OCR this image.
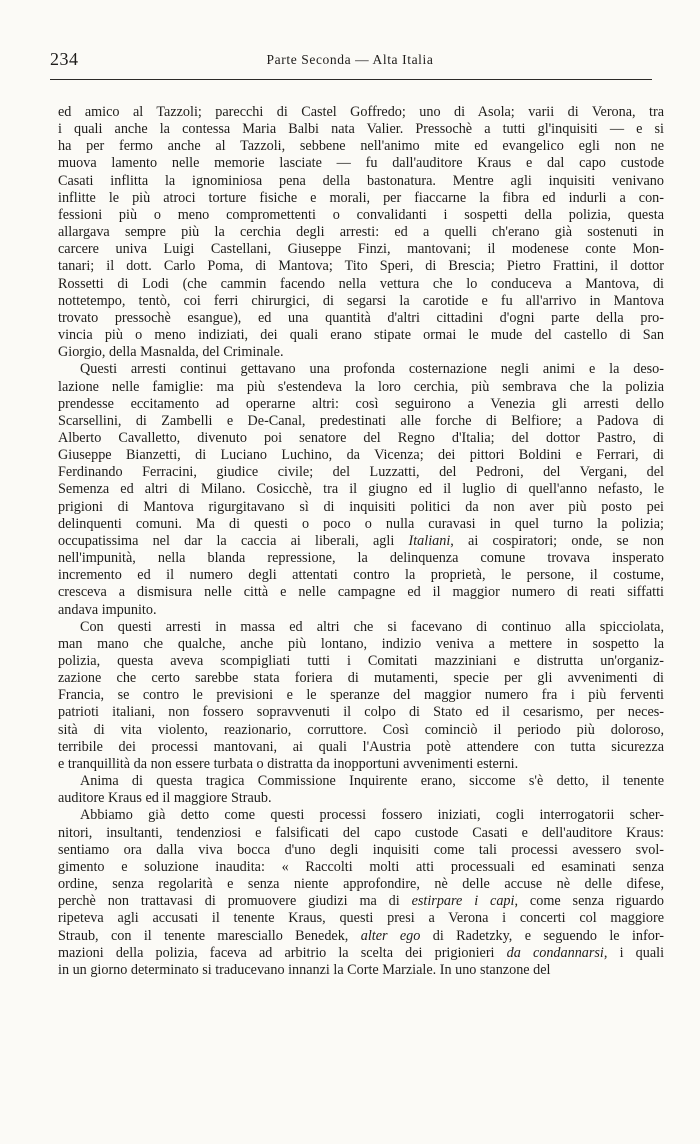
234	Parte Seconda — Alta Italia

ed amico al Tazzoli; parecchi di Castel Goffredo; uno di Asola; varii di Verona, tra
i quali anche la contessa Maria Balbi nata Valier. Pressochè a tutti gl'inquisiti — e si
ha per fermo anche al Tazzoli, sebbene nell'animo mite ed evangelico egli non ne
muova lamento nelle memorie lasciate — fu dall'auditore Kraus e dal capo custode
Casati inflitta la ignominiosa pena della bastonatura. Mentre agli inquisiti venivano
inflitte le più atroci torture fisiche e morali, per fiaccarne la fibra ed indurli a con-
fessioni più o meno compromettenti o convalidanti i sospetti della polizia, questa
allargava sempre più la cerchia degli arresti: ed a quelli ch'erano già sostenuti in
carcere univa Luigi Castellani, Giuseppe Finzi, mantovani; il modenese conte Mon-
tanari; il dott. Carlo Poma, di Mantova; Tito Speri, di Brescia; Pietro Frattini, il dottor
Rossetti di Lodi (che cammin facendo nella vettura che lo conduceva a Mantova, di
nottetempo, tentò, coi ferri chirurgici, di segarsi la carotide e fu all'arrivo in Mantova
trovato pressochè esangue), ed una quantità d'altri cittadini d'ogni parte della pro-
vincia più o meno indiziati, dei quali erano stipate ormai le mude del castello di San
Giorgio, della Masnalda, del Criminale.

Questi arresti continui gettavano una profonda costernazione negli animi e la deso-
lazione nelle famiglie: ma più s'estendeva la loro cerchia, più sembrava che la polizia
prendesse eccitamento ad operarne altri: così seguirono a Venezia gli arresti dello
Scarsellini, di Zambelli e De-Canal, predestinati alle forche di Belfiore; a Padova di
Alberto Cavalletto, divenuto poi senatore del Regno d'Italia; del dottor Pastro, di
Giuseppe Bianzetti, di Luciano Luchino, da Vicenza; dei pittori Boldini e Ferrari, di
Ferdinando Ferracini, giudice civile; del Luzzatti, del Pedroni, del Vergani, del
Semenza ed altri di Milano. Cosicchè, tra il giugno ed il luglio di quell'anno nefasto, le
prigioni di Mantova rigurgitavano sì di inquisiti politici da non aver più posto pei
delinquenti comuni. Ma di questi o poco o nulla curavasi in quel turno la polizia;
occupatissima nel dar la caccia ai liberali, agli Italiani, ai cospiratori; onde, se non
nell'impunità, nella blanda repressione, la delinquenza comune trovava insperato
incremento ed il numero degli attentati contro la proprietà, le persone, il costume,
cresceva a dismisura nelle città e nelle campagne ed il maggior numero di reati siffatti
andava impunito.

Con questi arresti in massa ed altri che si facevano di continuo alla spicciolata,
man mano che qualche, anche più lontano, indizio veniva a mettere in sospetto la
polizia, questa aveva scompigliati tutti i Comitati mazziniani e distrutta un'organiz-
zazione che certo sarebbe stata foriera di mutamenti, specie per gli avvenimenti di
Francia, se contro le previsioni e le speranze del maggior numero fra i più ferventi
patrioti italiani, non fossero sopravvenuti il colpo di Stato ed il cesarismo, per neces-
sità di vita violento, reazionario, corruttore. Così cominciò il periodo più doloroso,
terribile dei processi mantovani, ai quali l'Austria potè attendere con tutta sicurezza
e tranquillità da non essere turbata o distratta da inopportuni avvenimenti esterni.

Anima di questa tragica Commissione Inquirente erano, siccome s'è detto, il tenente
auditore Kraus ed il maggiore Straub.

Abbiamo già detto come questi processi fossero iniziati, cogli interrogatorii scher-
nitori, insultanti, tendenziosi e falsificati del capo custode Casati e dell'auditore Kraus:
sentiamo ora dalla viva bocca d'uno degli inquisiti come tali processi avessero svol-
gimento e soluzione inaudita: « Raccolti molti atti processuali ed esaminati senza
ordine, senza regolarità e senza niente approfondire, nè delle accuse nè delle difese,
perchè non trattavasi di promuovere giudizi ma di estirpare i capi, come senza riguardo
ripeteva agli accusati il tenente Kraus, questi presi a Verona i concerti col maggiore
Straub, con il tenente maresciallo Benedek, alter ego di Radetzky, e seguendo le infor-
mazioni della polizia, faceva ad arbitrio la scelta dei prigionieri da condannarsi, i quali
in un giorno determinato si traducevano innanzi la Corte Marziale. In uno stanzone del
